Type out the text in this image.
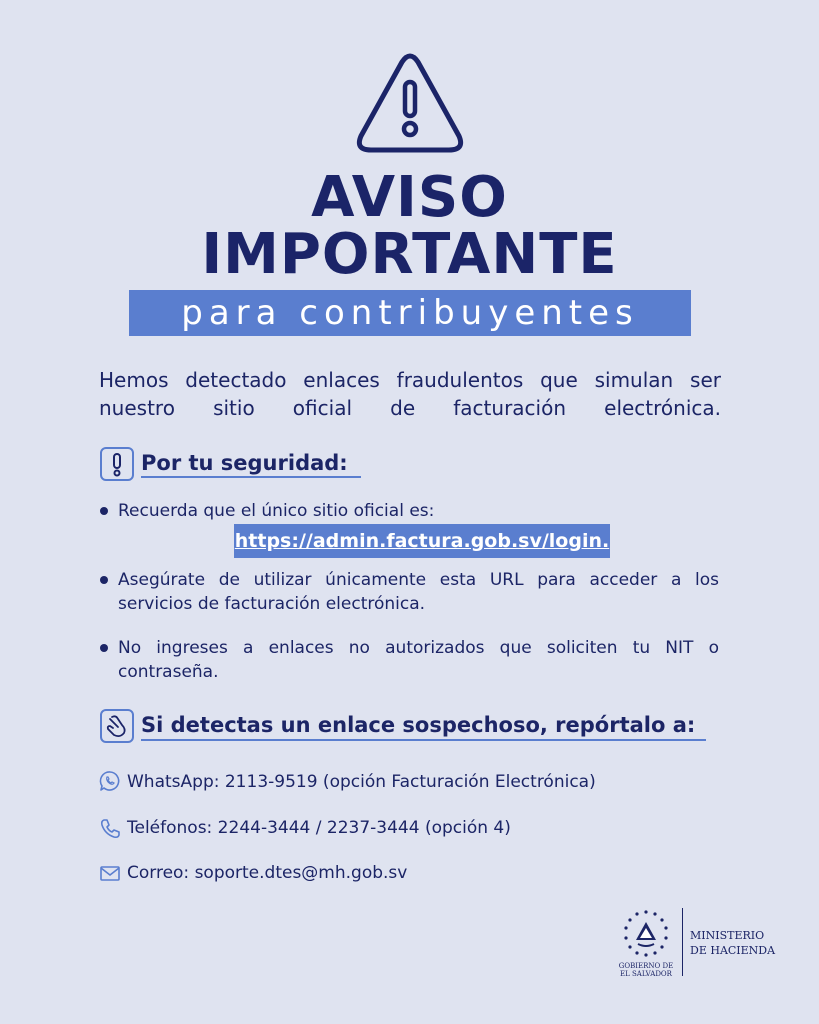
AVISO
IMPORTANTE
para contribuyentes
Hemos detectado enlaces fraudulentos que simulan ser nuestro sitio oficial de facturación electrónica.
Por tu seguridad:
Recuerda que el único sitio oficial es:
https://admin.factura.gob.sv/login.
Asegúrate de utilizar únicamente esta URL para acceder a los servicios de facturación electrónica.
No ingreses a enlaces no autorizados que soliciten tu NIT o contraseña.
Si detectas un enlace sospechoso, repórtalo a:
WhatsApp: 2113-9519 (opción Facturación Electrónica)
Teléfonos: 2244-3444 / 2237-3444 (opción 4)
Correo: soporte.dtes@mh.gob.sv
GOBIERNO DE
EL SALVADOR
MINISTERIO
DE HACIENDA
